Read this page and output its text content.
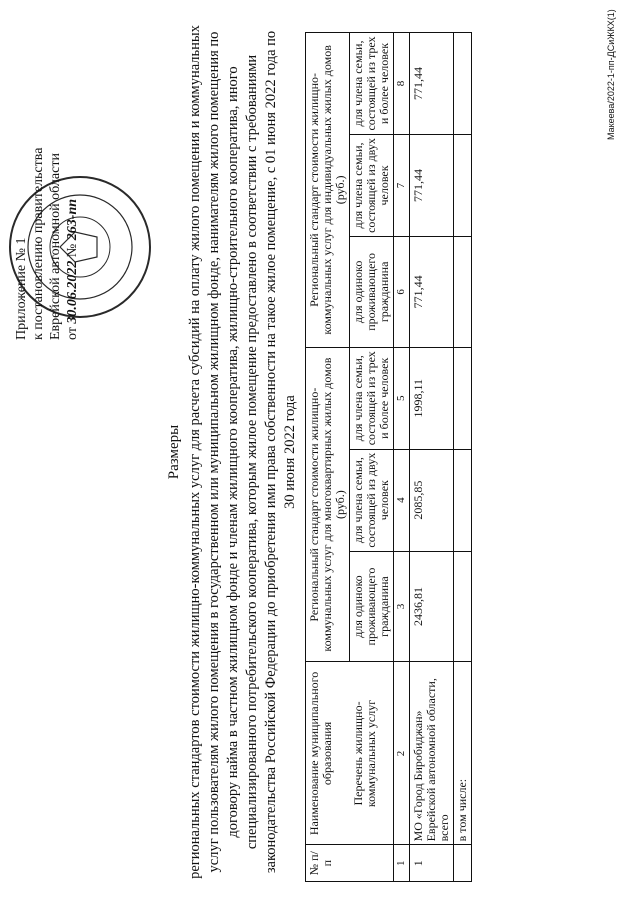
Приложение № 1 к постановлению правительства Еврейской автономной области от 30.06.2022 № 263-пп
Размеры региональных стандартов стоимости жилищно-коммунальных услуг для расчета субсидий на оплату жилого помещения и коммунальных услуг пользователям жилого помещения в государственном или муниципальном жилищном фонде, нанимателям жилого помещения по договору найма в частном жилищном фонде и членам жилищного кооператива, жилищно-строительного кооператива, иного специализированного потребительского кооператива, которым жилое помещение предоставлено в соответствии с требованиями законодательства Российской Федерации до приобретения ими права собственности на такое жилое помещение, с 01 июня 2022 года по 30 июня 2022 года
№ п/п	Наименование муниципального образования Перечень жилищно-коммунальных услуг	Региональный стандарт стоимости жилищно-коммунальных услуг для многоквартирных жилых домов (руб.)			Региональный стандарт стоимости жилищно-коммунальных услуг для индивидуальных жилых домов (руб.)		
		для одиноко проживающего гражданина	для члена семьи, состоящей из двух человек	для члена семьи, состоящей из трех и более человек	для одиноко проживающего гражданина	для члена семьи, состоящей из двух человек	для члена семьи, состоящей из трех и более человек
1	2	3	4	5	6	7	8
1	МО «Город Биробиджан» Еврейской автономной области, всего	2436,81	2085,85	1998,11	771,44	771,44	771,44
	в том числе:						
Макеева/2022-1-пп-ДСиЖКХ(1)
